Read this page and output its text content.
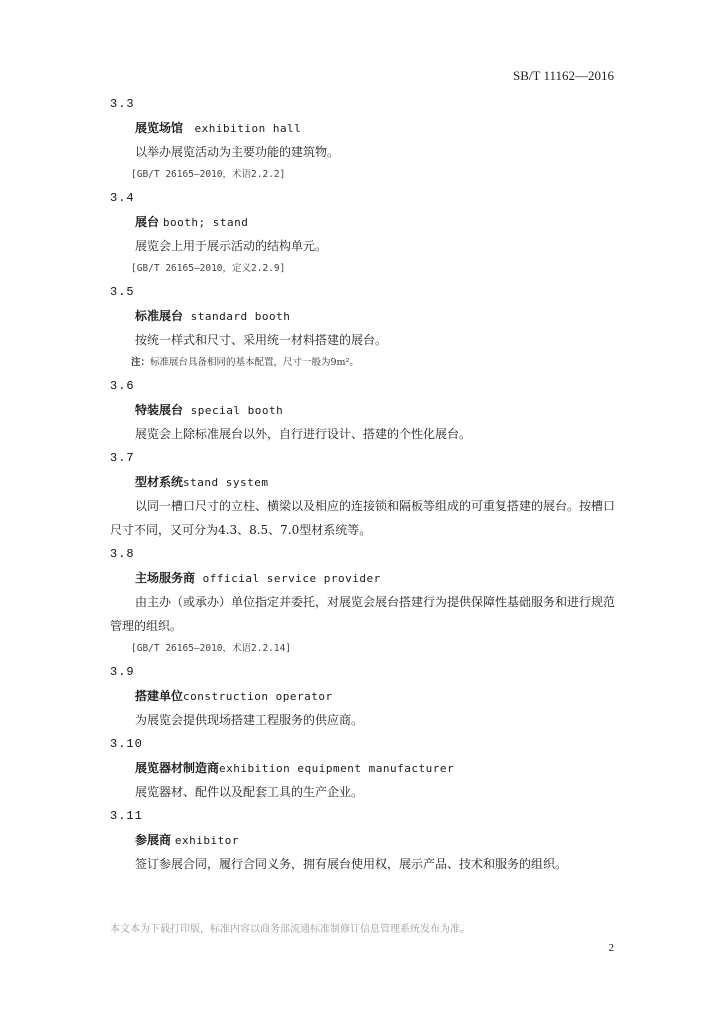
SB/T 11162—2016
3.3
展览场馆 exhibition hall

以举办展览活动为主要功能的建筑物。

[GB/T 26165—2010，术语2.2.2]
3.4
展台 booth; stand

展览会上用于展示活动的结构单元。

[GB/T 26165—2010，定义2.2.9]
3.5
标准展台 standard booth

按统一样式和尺寸、采用统一材料搭建的展台。

注：标准展台具备相同的基本配置，尺寸一般为9m²。
3.6
特装展台 special booth

展览会上除标准展台以外，自行进行设计、搭建的个性化展台。

3.7
型材系统stand system

以同一槽口尺寸的立柱、横梁以及相应的连接锁和隔板等组成的可重复搭建的展台。按槽口尺寸不同，又可分为4.3、8.5、7.0型材系统等。

3.8
主场服务商 official service provider

由主办（或承办）单位指定并委托，对展览会展台搭建行为提供保障性基础服务和进行规范管理的组织。

[GB/T 26165—2010，术语2.2.14]
3.9
搭建单位construction operator

为展览会提供现场搭建工程服务的供应商。

3.10
展览器材制造商exhibition equipment manufacturer

展览器材、配件以及配套工具的生产企业。

3.11
参展商 exhibitor

签订参展合同，履行合同义务，拥有展台使用权，展示产品、技术和服务的组织。

本文本为下载打印版，标准内容以商务部流通标准制修订信息管理系统发布为准。
2
